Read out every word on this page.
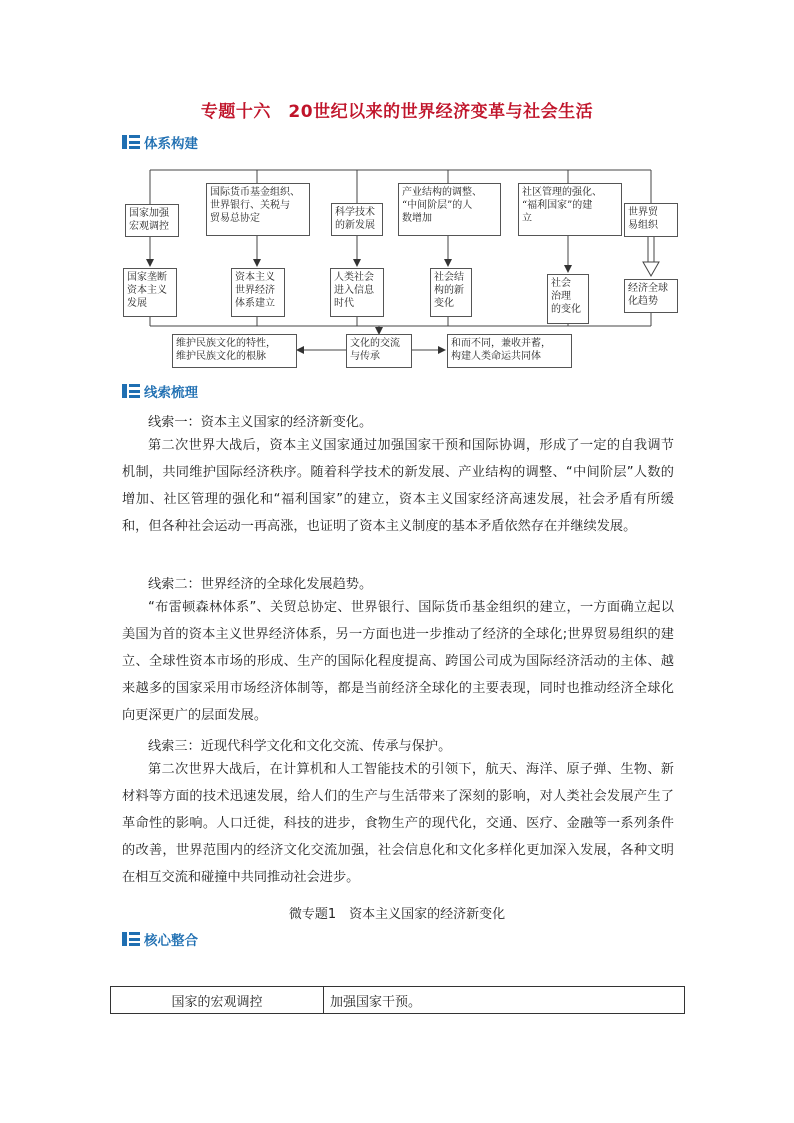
专题十六　20世纪以来的世界经济变革与社会生活
体系构建
国家加强
宏观调控
国际货币基金组织、
世界银行、关税与
贸易总协定
科学技术
的新发展
产业结构的调整、
“中间阶层”的人
数增加
社区管理的强化、
“福利国家”的建
立
世界贸
易组织
国家垄断
资本主义
发展
资本主义
世界经济
体系建立
人类社会
进入信息
时代
社会结
构的新
变化
社会
治理
的变化
经济全球
化趋势
维护民族文化的特性，
维护民族文化的根脉
文化的交流
与传承
和而不同，兼收并蓄，
构建人类命运共同体
线索梳理
线索一：资本主义国家的经济新变化。
第二次世界大战后，资本主义国家通过加强国家干预和国际协调，形成了一定的自我调节机制，共同维护国际经济秩序。随着科学技术的新发展、产业结构的调整、“中间阶层”人数的增加、社区管理的强化和“福利国家”的建立，资本主义国家经济高速发展，社会矛盾有所缓和，但各种社会运动一再高涨，也证明了资本主义制度的基本矛盾依然存在并继续发展。
线索二：世界经济的全球化发展趋势。
“布雷顿森林体系”、关贸总协定、世界银行、国际货币基金组织的建立，一方面确立起以美国为首的资本主义世界经济体系，另一方面也进一步推动了经济的全球化;世界贸易组织的建立、全球性资本市场的形成、生产的国际化程度提高、跨国公司成为国际经济活动的主体、越来越多的国家采用市场经济体制等，都是当前经济全球化的主要表现，同时也推动经济全球化向更深更广的层面发展。
线索三：近现代科学文化和文化交流、传承与保护。
第二次世界大战后，在计算机和人工智能技术的引领下，航天、海洋、原子弹、生物、新材料等方面的技术迅速发展，给人们的生产与生活带来了深刻的影响，对人类社会发展产生了革命性的影响。人口迁徙，科技的进步，食物生产的现代化，交通、医疗、金融等一系列条件的改善，世界范围内的经济文化交流加强，社会信息化和文化多样化更加深入发展，各种文明在相互交流和碰撞中共同推动社会进步。
微专题1　资本主义国家的经济新变化
核心整合
国家的宏观调控	加强国家干预。
